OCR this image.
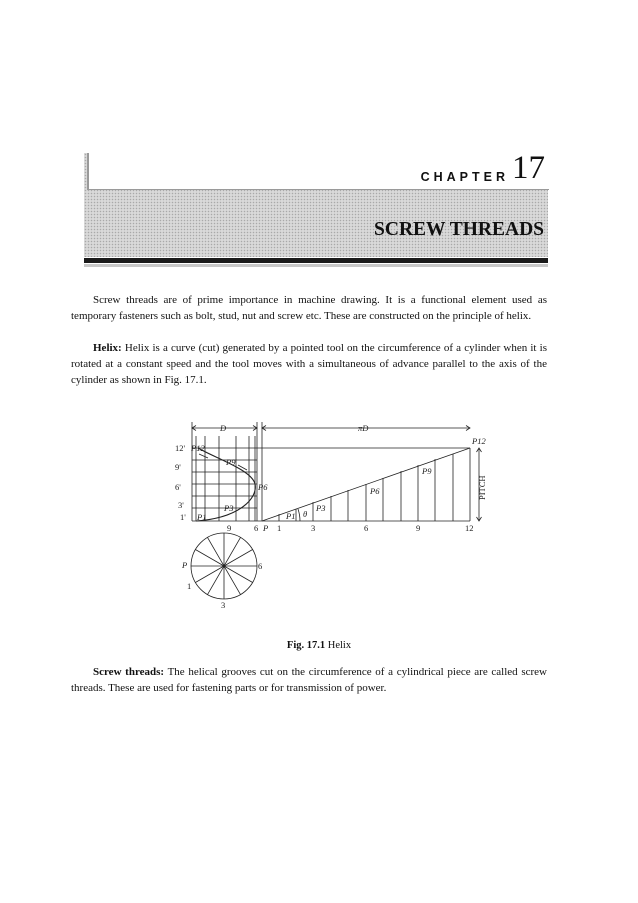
CHAPTER 17
SCREW THREADS

Screw threads are of prime importance in machine drawing. It is a functional element used as temporary fasteners such as bolt, stud, nut and screw etc. These are constructed on the principle of helix.

Helix: Helix is a curve (cut) generated by a pointed tool on the circumference of a cylinder when it is rotated at a constant speed and the tool moves with a simultaneous of advance parallel to the axis of the cylinder as shown in Fig. 17.1.

D	πD
12'
9'
6'
3'
1'
P12
P9
P6
P3
P1
9	6 P 1	3	6	9	12
P1
P3
P6
P9
P12
θ
PITCH
P
1
3
6
Fig. 17.1 Helix

Screw threads: The helical grooves cut on the circumference of a cylindrical piece are called screw threads. These are used for fastening parts or for transmission of power.
